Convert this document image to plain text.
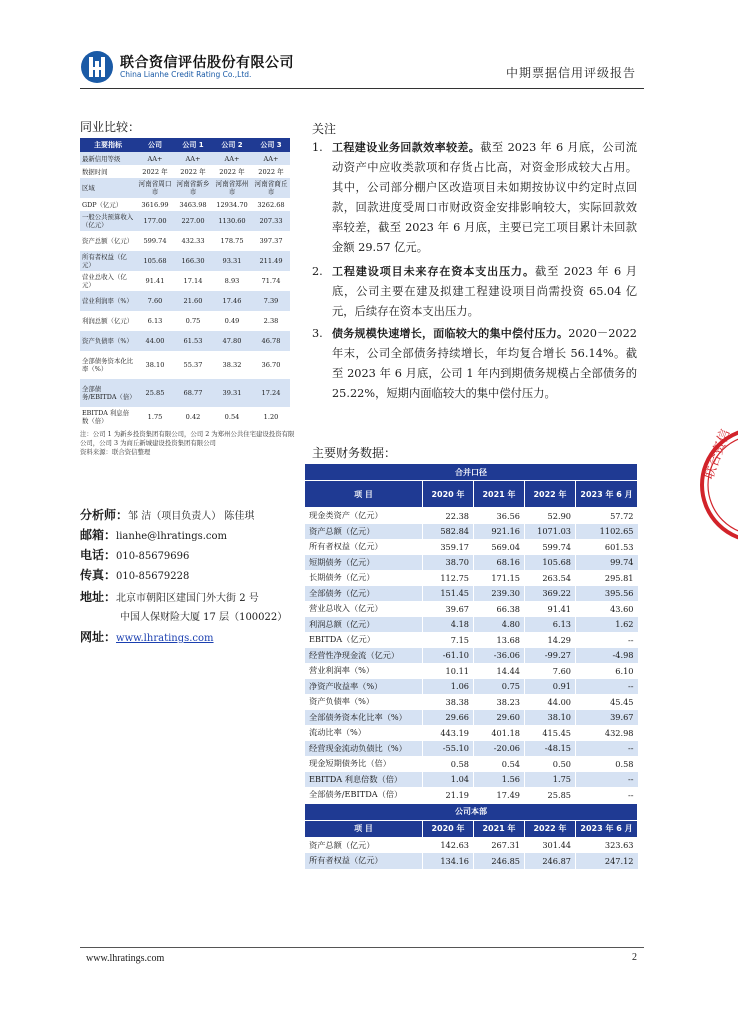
联合资信评估股份有限公司
China Lianhe Credit Rating Co.,Ltd.	中期票据信用评级报告
同业比较：
主要指标	公司	公司 1	公司 2	公司 3
最新信用等级	AA+	AA+	AA+	AA+
数据时间	2022 年	2022 年	2022 年	2022 年
区域	河南省周口市	河南省新乡市	河南省郑州市	河南省商丘市
GDP（亿元）	3616.99	3463.98	12934.70	3262.68
一般公共预算收入（亿元）	177.00	227.00	1130.60	207.33
资产总额（亿元）	599.74	432.33	178.75	397.37
所有者权益（亿元）	105.68	166.30	93.31	211.49
营业总收入（亿元）	91.41	17.14	8.93	71.74
营业利润率（%）	7.60	21.60	17.46	7.39
利润总额（亿元）	6.13	0.75	0.49	2.38
资产负债率（%）	44.00	61.53	47.80	46.78
全部债务资本化比率（%）	38.10	55.37	38.32	36.70
全部债务/EBITDA（倍）	25.85	68.77	39.31	17.24
EBITDA 利息倍数（倍）	1.75	0.42	0.54	1.20
注：公司 1 为新乡投资集团有限公司，公司 2 为郑州公共住宅建设投资有限公司，公司 3 为商丘新城建设投资集团有限公司
资料来源：联合资信整理
分析师：邹 洁（项目负责人） 陈佳琪
邮箱：lianhe@lhratings.com
电话：010-85679696
传真：010-85679228
地址：北京市朝阳区建国门外大街 2 号
中国人保财险大厦 17 层（100022）
网址：www.lhratings.com
关注
1. 工程建设业务回款效率较差。截至 2023 年 6 月底，公司流动资产中应收类款项和存货占比高，对资金形成较大占用。其中，公司部分棚户区改造项目未如期按协议中约定时点回款，回款进度受周口市财政资金安排影响较大，实际回款效率较差，截至 2023 年 6 月底，主要已完工项目累计未回款金额 29.57 亿元。
2. 工程建设项目未来存在资本支出压力。截至 2023 年 6 月底，公司主要在建及拟建工程建设项目尚需投资 65.04 亿元，后续存在资本支出压力。
3. 债务规模快速增长，面临较大的集中偿付压力。2020－2022 年末，公司全部债务持续增长，年均复合增长 56.14%。截至 2023 年 6 月底，公司 1 年内到期债务规模占全部债务的 25.22%，短期内面临较大的集中偿付压力。
主要财务数据：
合并口径				
项 目	2020 年	2021 年	2022 年	2023 年 6 月
现金类资产（亿元）	22.38	36.56	52.90	57.72
资产总额（亿元）	582.84	921.16	1071.03	1102.65
所有者权益（亿元）	359.17	569.04	599.74	601.53
短期债务（亿元）	38.70	68.16	105.68	99.74
长期债务（亿元）	112.75	171.15	263.54	295.81
全部债务（亿元）	151.45	239.30	369.22	395.56
营业总收入（亿元）	39.67	66.38	91.41	43.60
利润总额（亿元）	4.18	4.80	6.13	1.62
EBITDA（亿元）	7.15	13.68	14.29	--
经营性净现金流（亿元）	-61.10	-36.06	-99.27	-4.98
营业利润率（%）	10.11	14.44	7.60	6.10
净资产收益率（%）	1.06	0.75	0.91	--
资产负债率（%）	38.38	38.23	44.00	45.45
全部债务资本化比率（%）	29.66	29.60	38.10	39.67
流动比率（%）	443.19	401.18	415.45	432.98
经营现金流动负债比（%）	-55.10	-20.06	-48.15	--
现金短期债务比（倍）	0.58	0.54	0.50	0.58
EBITDA 利息倍数（倍）	1.04	1.56	1.75	--
全部债务/EBITDA（倍）	21.19	17.49	25.85	--
公司本部				
项 目	2020 年	2021 年	2022 年	2023 年 6 月
资产总额（亿元）	142.63	267.31	301.44	323.63
所有者权益（亿元）	134.16	246.85	246.87	247.12
联合资信
www.lhratings.com	2
